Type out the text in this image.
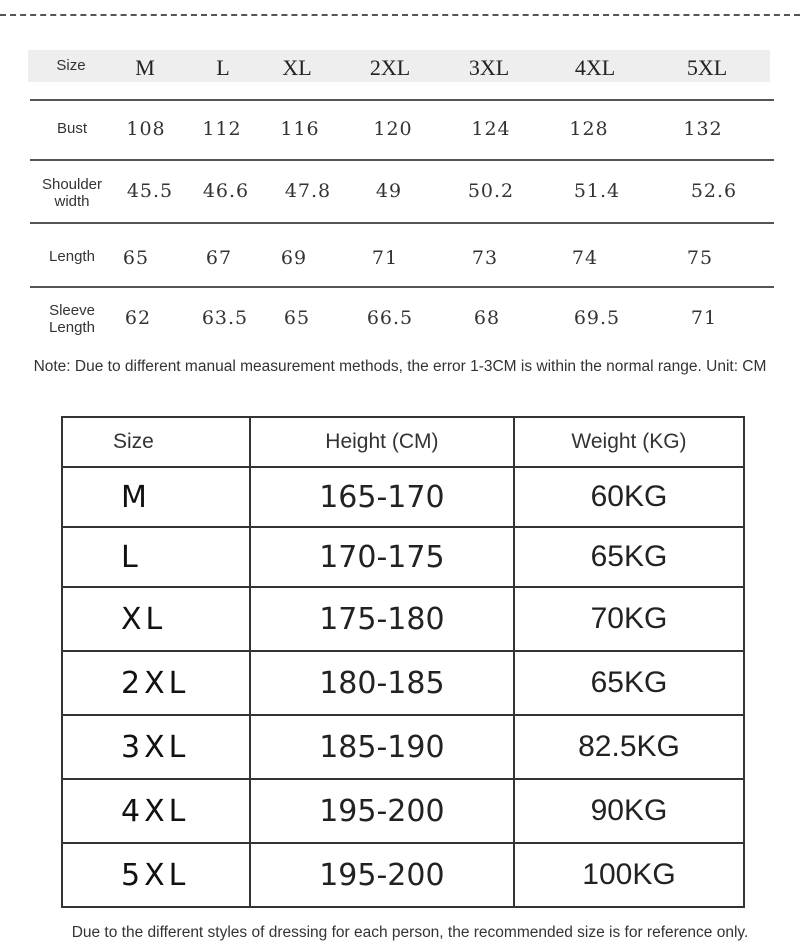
Size	M	L	XL	2XL	3XL	4XL	5XL
Bust	108	112	116	120	124	128	132
Shoulder
width	45.5	46.6	47.8	49	50.2	51.4	52.6
Length	65	67	69	71	73	74	75
Sleeve
Length	62	63.5	65	66.5	68	69.5	71
Note: Due to different manual measurement methods, the error 1-3CM is within the normal range. Unit: CM
Size	Height (CM)	Weight (KG)
M	165-170	60KG
L	170-175	65KG
XL	175-180	70KG
2XL	180-185	65KG
3XL	185-190	82.5KG
4XL	195-200	90KG
5XL	195-200	100KG
Due to the different styles of dressing for each person, the recommended size is for reference only.
